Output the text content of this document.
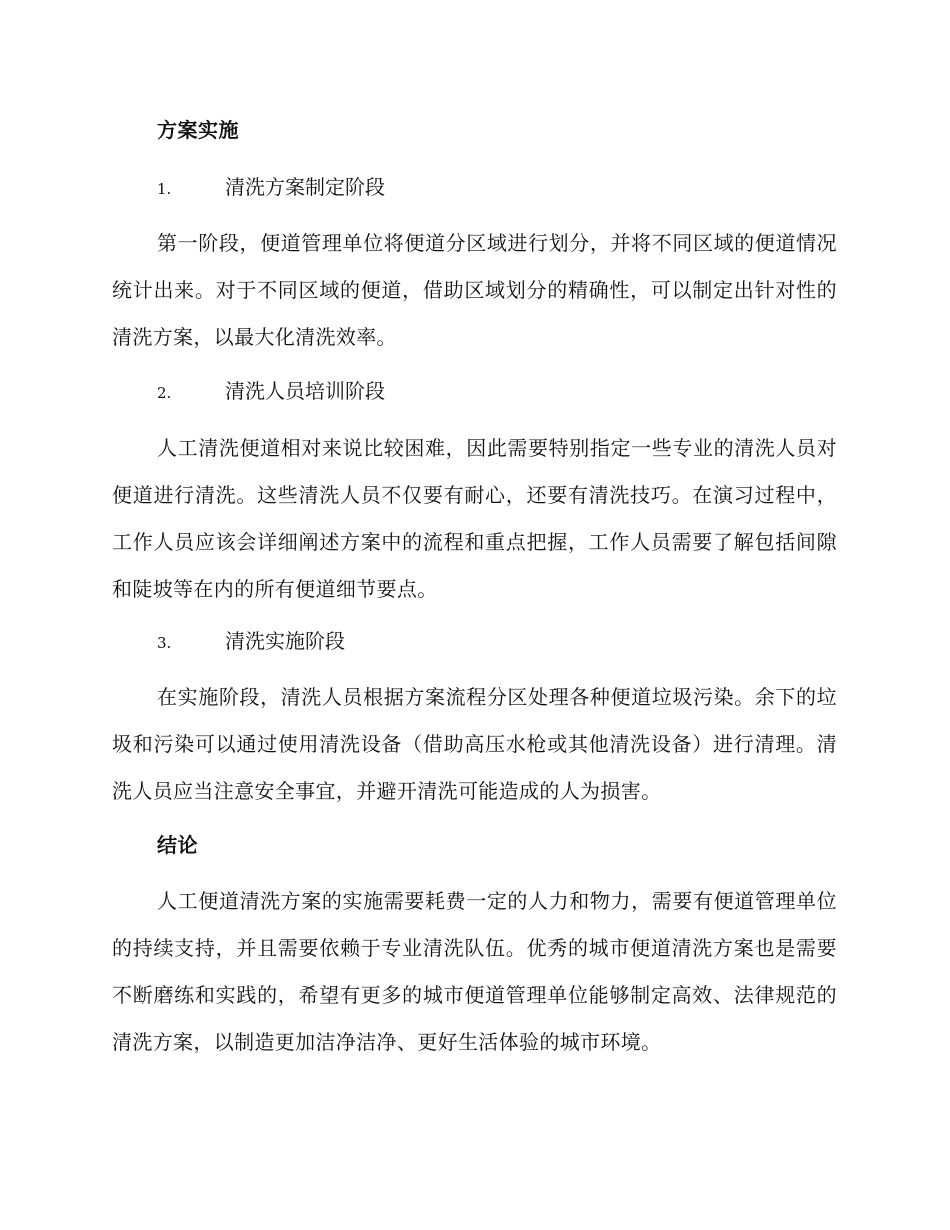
方案实施
1.	清洗方案制定阶段

第一阶段，便道管理单位将便道分区域进行划分，并将不同区域的便道情况统计出来。对于不同区域的便道，借助区域划分的精确性，可以制定出针对性的清洗方案，以最大化清洗效率。

2.	清洗人员培训阶段

人工清洗便道相对来说比较困难，因此需要特别指定一些专业的清洗人员对便道进行清洗。这些清洗人员不仅要有耐心，还要有清洗技巧。在演习过程中，工作人员应该会详细阐述方案中的流程和重点把握，工作人员需要了解包括间隙和陡坡等在内的所有便道细节要点。

3.	清洗实施阶段

在实施阶段，清洗人员根据方案流程分区处理各种便道垃圾污染。余下的垃圾和污染可以通过使用清洗设备（借助高压水枪或其他清洗设备）进行清理。清洗人员应当注意安全事宜，并避开清洗可能造成的人为损害。

结论

人工便道清洗方案的实施需要耗费一定的人力和物力，需要有便道管理单位的持续支持，并且需要依赖于专业清洗队伍。优秀的城市便道清洗方案也是需要不断磨练和实践的，希望有更多的城市便道管理单位能够制定高效、法律规范的清洗方案，以制造更加洁净洁净、更好生活体验的城市环境。
